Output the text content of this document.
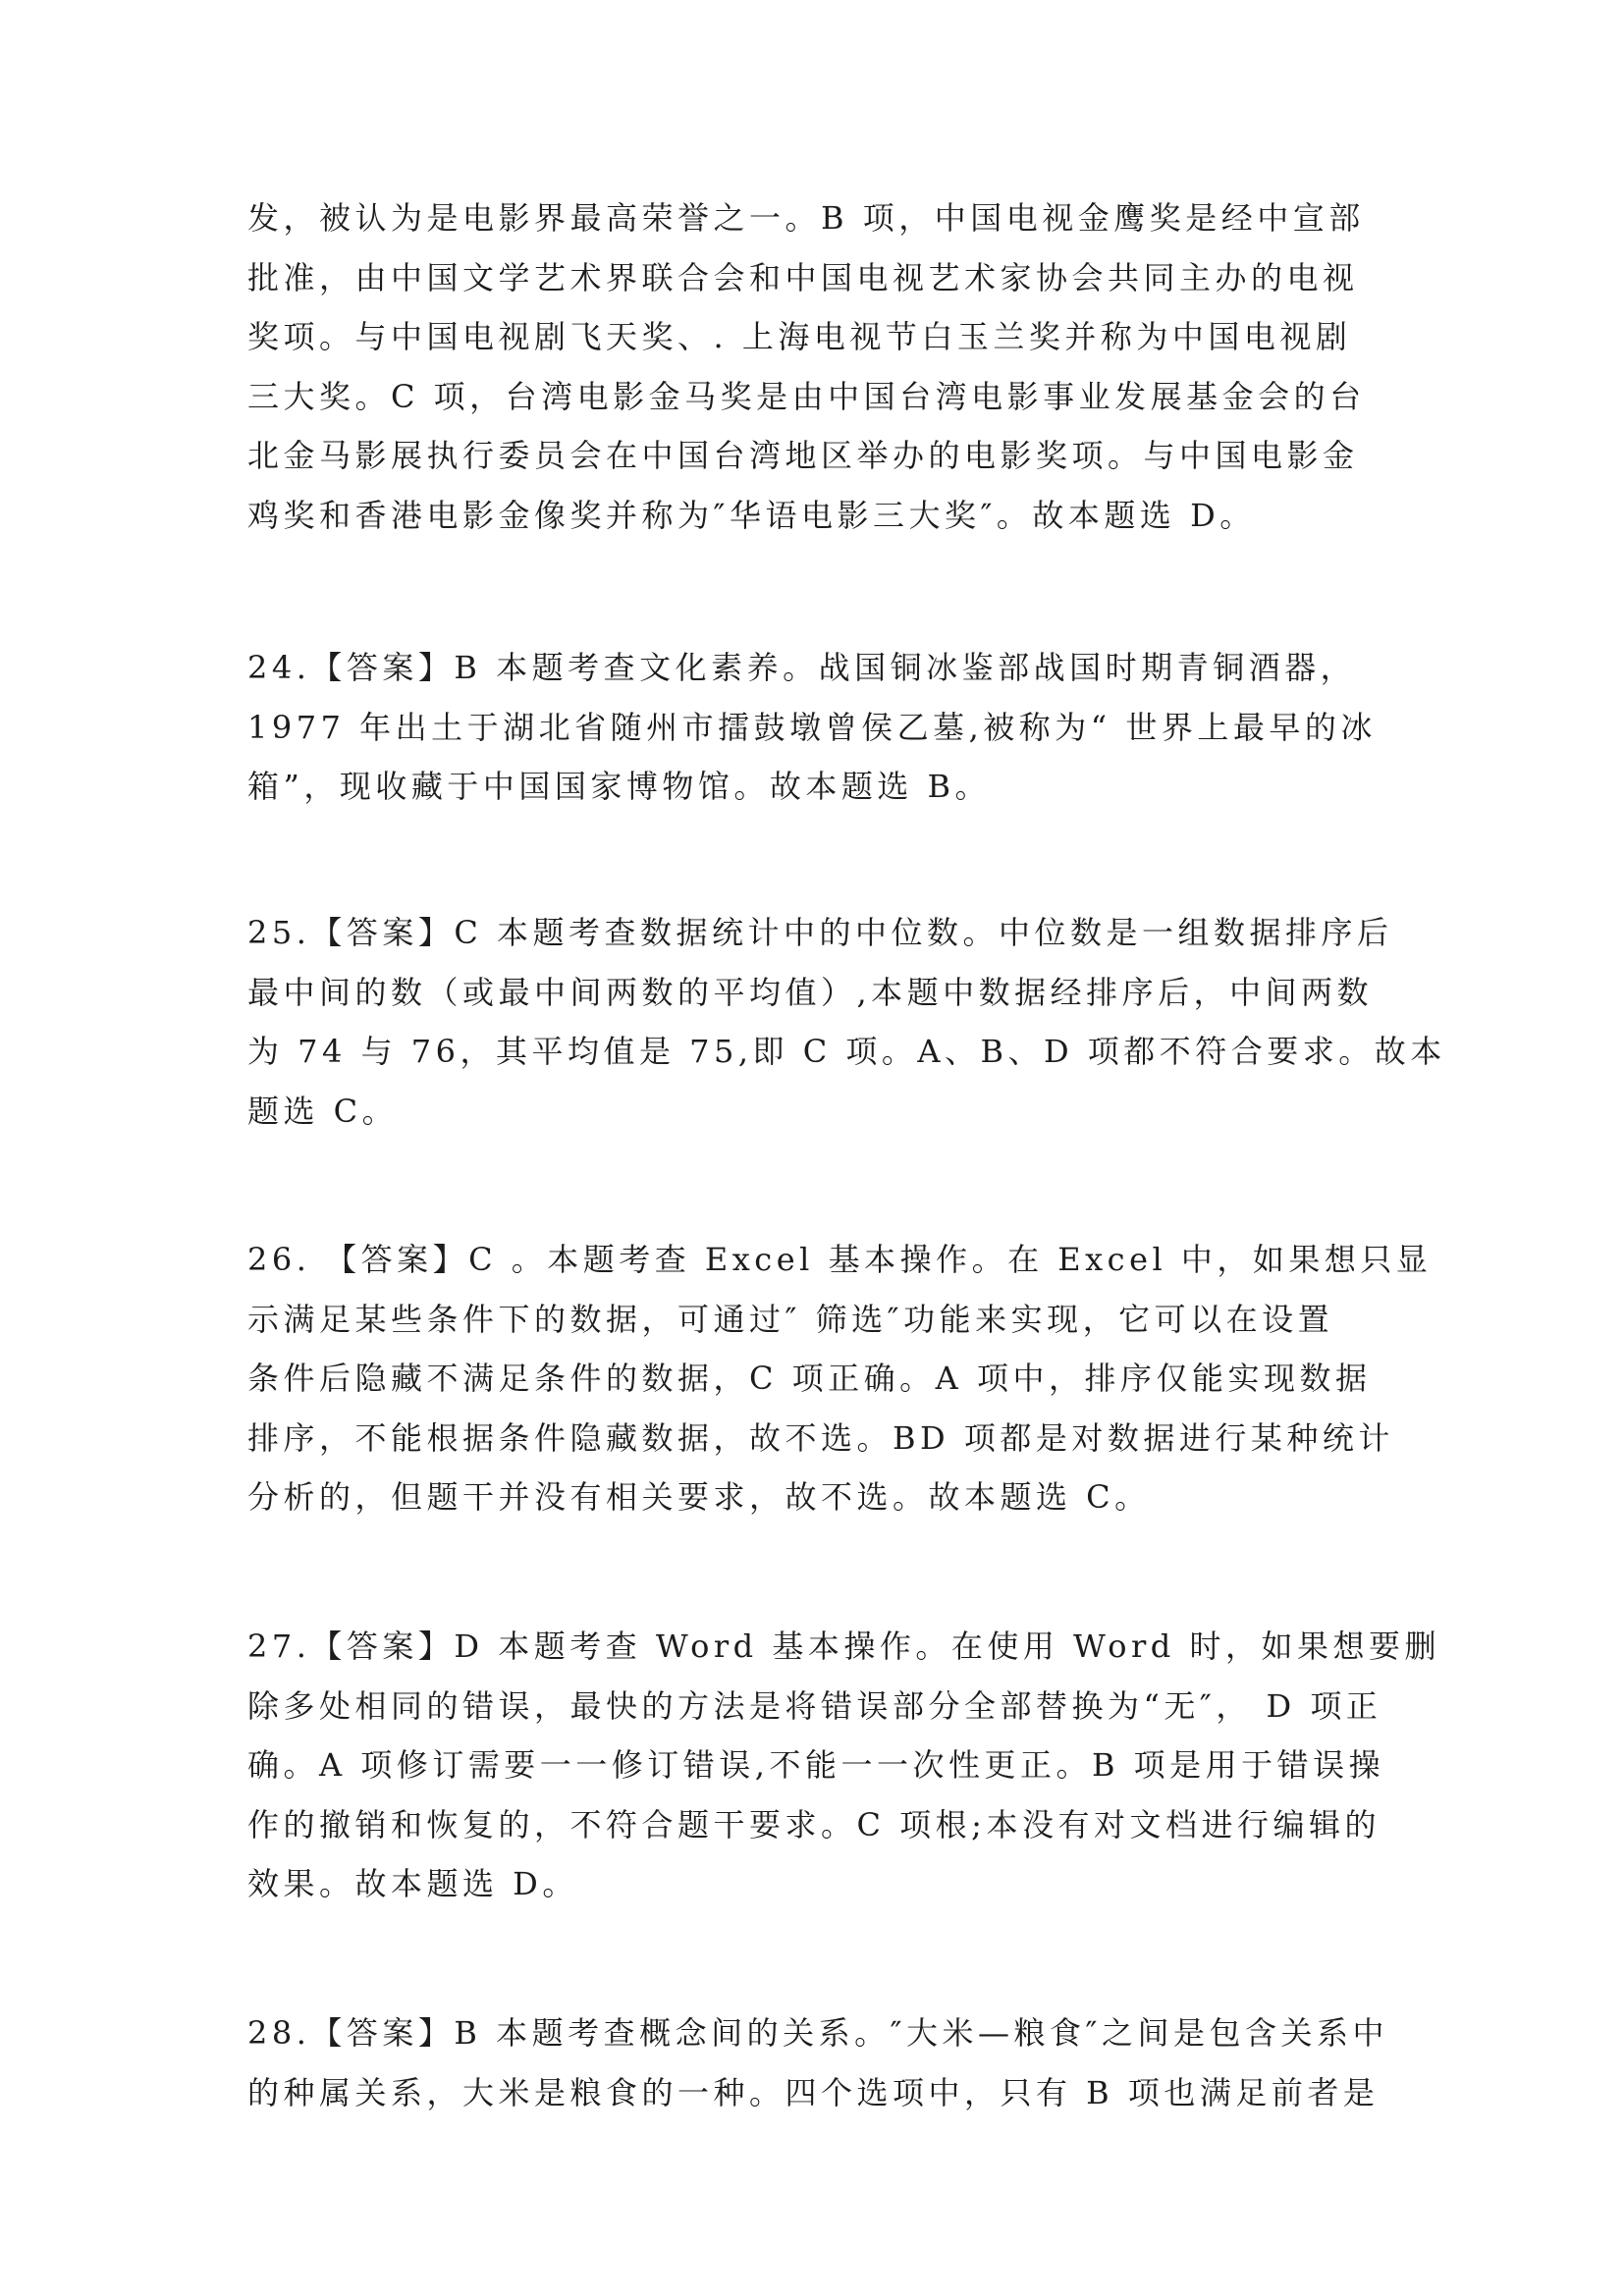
发，被认为是电影界最高荣誉之一。B 项，中国电视金鹰奖是经中宣部
批准，由中国文学艺术界联合会和中国电视艺术家协会共同主办的电视
奖项。与中国电视剧飞天奖、. 上海电视节白玉兰奖并称为中国电视剧
三大奖。C 项，台湾电影金马奖是由中国台湾电影事业发展基金会的台
北金马影展执行委员会在中国台湾地区举办的电影奖项。与中国电影金
鸡奖和香港电影金像奖并称为″华语电影三大奖″。故本题选 D。
24.【答案】B 本题考查文化素养。战国铜冰鉴部战国时期青铜酒器，
1977 年出土于湖北省随州市擂鼓墩曾侯乙墓,被称为“ 世界上最早的冰
箱”，现收藏于中国国家博物馆。故本题选 B。
25.【答案】C 本题考查数据统计中的中位数。中位数是一组数据排序后
最中间的数（或最中间两数的平均值）,本题中数据经排序后，中间两数
为 74 与 76，其平均值是 75,即 C 项。A、B、D 项都不符合要求。故本
题选 C。
26. 【答案】C 。本题考查 Excel 基本操作。在 Excel 中，如果想只显
示满足某些条件下的数据，可通过″ 筛选″功能来实现，它可以在设置
条件后隐藏不满足条件的数据，C 项正确。A 项中，排序仅能实现数据
排序，不能根据条件隐藏数据，故不选。BD 项都是对数据进行某种统计
分析的，但题干并没有相关要求，故不选。故本题选 C。
27.【答案】D 本题考查 Word 基本操作。在使用 Word 时，如果想要删
除多处相同的错误，最快的方法是将错误部分全部替换为“无″， D 项正
确。A 项修订需要一一修订错误,不能一一次性更正。B 项是用于错误操
作的撤销和恢复的，不符合题干要求。C 项根;本没有对文档进行编辑的
效果。故本题选 D。
28.【答案】B 本题考查概念间的关系。″大米—粮食″之间是包含关系中
的种属关系，大米是粮食的一种。四个选项中，只有 B 项也满足前者是
